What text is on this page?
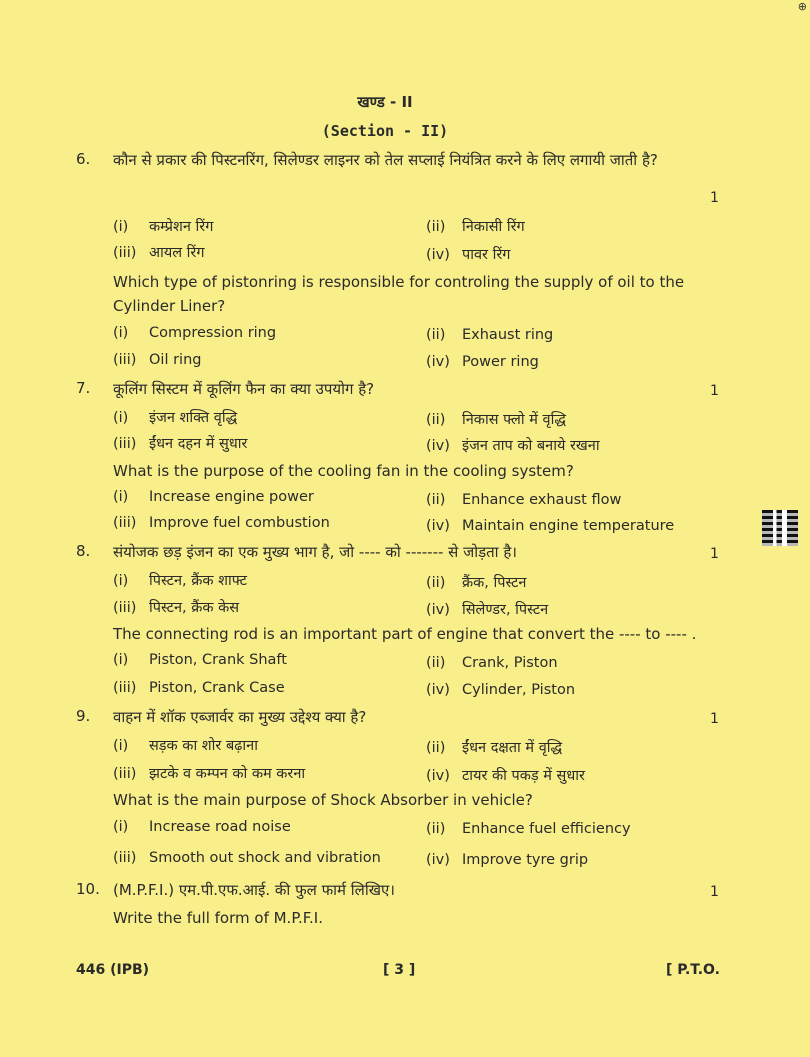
⊕
खण्ड - II
(Section - II)
6. कौन से प्रकार की पिस्टनरिंग, सिलेण्डर लाइनर को तेल सप्लाई नियंत्रित करने के लिए लगायी जाती है?
1
(i) कम्प्रेशन रिंग	(ii) निकासी रिंग
(iii) आयल रिंग	(iv) पावर रिंग
Which type of pistonring is responsible for controling the supply of oil to the Cylinder Liner?
(i) Compression ring	(ii) Exhaust ring
(iii) Oil ring	(iv) Power ring
7. कूलिंग सिस्टम में कूलिंग फैन का क्या उपयोग है?	1
(i) इंजन शक्ति वृद्धि	(ii) निकास फ्लो में वृद्धि
(iii) ईंधन दहन में सुधार	(iv) इंजन ताप को बनाये रखना
What is the purpose of the cooling fan in the cooling system?
(i) Increase engine power	(ii) Enhance exhaust flow
(iii) Improve fuel combustion	(iv) Maintain engine temperature
8. संयोजक छड़ इंजन का एक मुख्य भाग है, जो ---- को ------- से जोड़ता है।	1
(i) पिस्टन, क्रैंक शाफ्ट	(ii) क्रैंक, पिस्टन
(iii) पिस्टन, क्रैंक केस	(iv) सिलेण्डर, पिस्टन
The connecting rod is an important part of engine that convert the ---- to ---- .
(i) Piston, Crank Shaft	(ii) Crank, Piston
(iii) Piston, Crank Case	(iv) Cylinder, Piston
9. वाहन में शॉक एब्जार्वर का मुख्य उद्देश्य क्या है?	1
(i) सड़क का शोर बढ़ाना	(ii) ईंधन दक्षता में वृद्धि
(iii) झटके व कम्पन को कम करना	(iv) टायर की पकड़ में सुधार
What is the main purpose of Shock Absorber in vehicle?
(i) Increase road noise	(ii) Enhance fuel efficiency
(iii) Smooth out shock and vibration	(iv) Improve tyre grip
10. (M.P.F.I.) एम.पी.एफ.आई. की फुल फार्म लिखिए।	1
Write the full form of M.P.F.I.
446 (IPB)	[ 3 ]	[ P.T.O.
